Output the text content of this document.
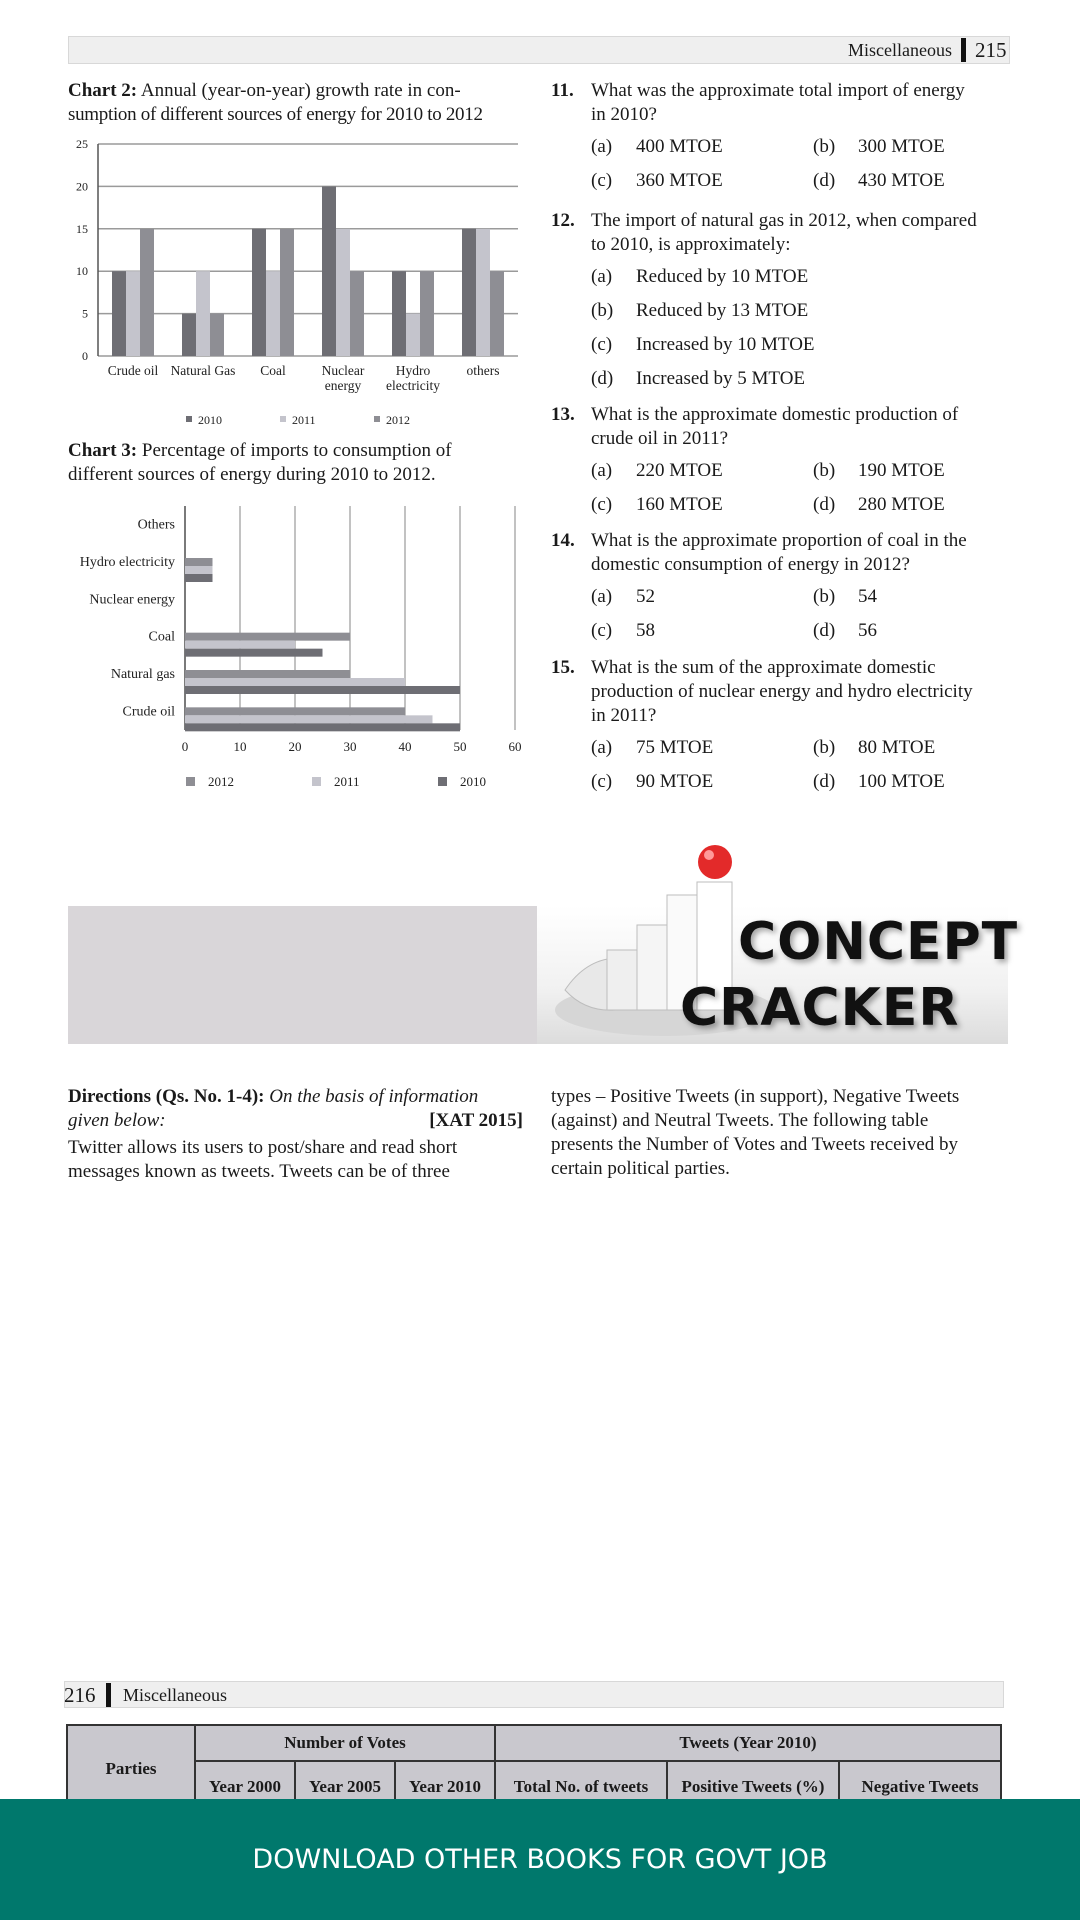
Miscellaneous 215
Chart 2: Annual (year-on-year) growth rate in con-
sumption of different sources of energy for 2010 to 2012
0
5
10
15
20
25
Crude oil Natural Gas Coal	Nuclear
energy
Hydro
electricity
others
2010	2011	2012
Chart 3: Percentage of imports to consumption of
different sources of energy during 2010 to 2012.
Others
Hydro electricity
Nuclear energy
Coal
Natural gas
Crude oil
0	10	20	30	40	50	60
2012	2011	2010
11. What was the approximate total import of energy
in 2010?
(a) 400 MTOE	(b) 300 MTOE
(c) 360 MTOE	(d) 430 MTOE
12. The import of natural gas in 2012, when compared
to 2010, is approximately:
(a) Reduced by 10 MTOE
(b) Reduced by 13 MTOE
(c) Increased by 10 MTOE
(d) Increased by 5 MTOE
13. What is the approximate domestic production of
crude oil in 2011?
(a) 220 MTOE	(b) 190 MTOE
(c) 160 MTOE	(d) 280 MTOE
14. What is the approximate proportion of coal in the
domestic consumption of energy in 2012?
(a) 52	(b) 54
(c) 58	(d) 56
15. What is the sum of the approximate domestic
production of nuclear energy and hydro electricity
in 2011?
(a) 75 MTOE	(b) 80 MTOE
(c) 90 MTOE	(d) 100 MTOE
CONCEPT
CRACKER
Directions (Qs. No. 1-4): On the basis of information
given below:	[XAT 2015]
Twitter allows its users to post/share and read short
messages known as tweets. Tweets can be of three
types – Positive Tweets (in support), Negative Tweets
(against) and Neutral Tweets. The following table
presents the Number of Votes and Tweets received by
certain political parties.
216 Miscellaneous
Parties	Number of Votes			Tweets (Year 2010)		
	Year 2000	Year 2005	Year 2010	Total No. of tweets	Positive Tweets (%)	Negative Tweets
DOWNLOAD OTHER BOOKS FOR GOVT JOB
